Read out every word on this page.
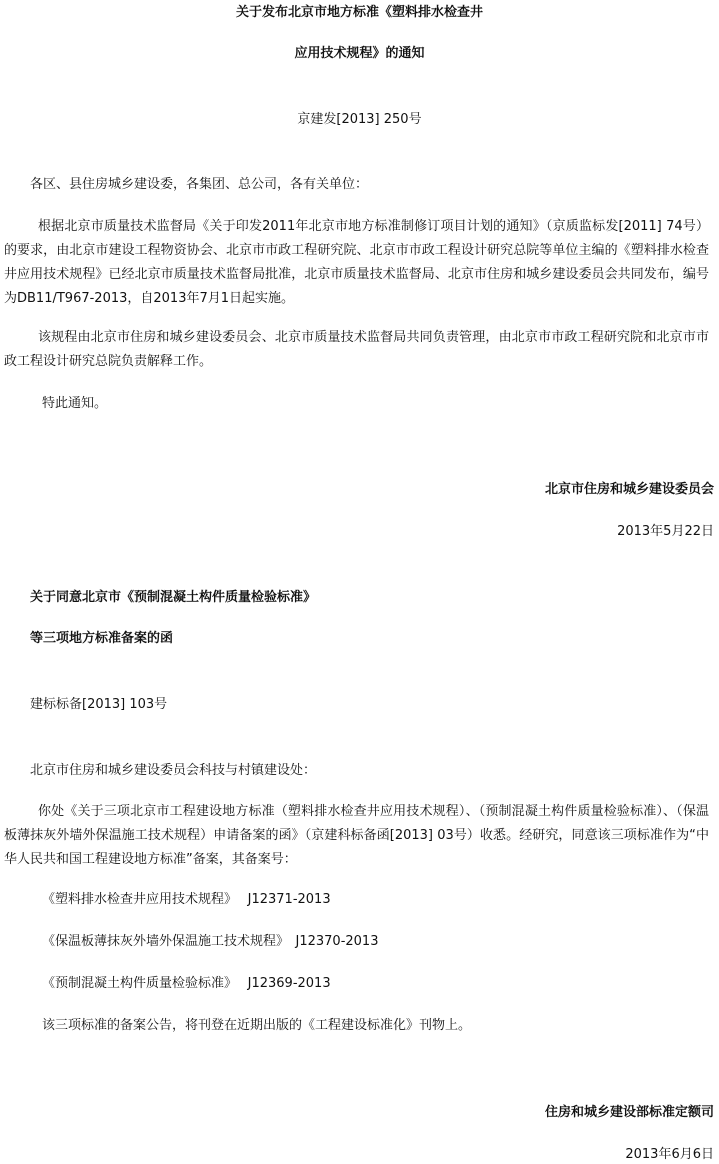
关于发布北京市地方标准《塑料排水检查井
应用技术规程》的通知
京建发[2013] 250号
各区、县住房城乡建设委，各集团、总公司，各有关单位：
根据北京市质量技术监督局《关于印发2011年北京市地方标准制修订项目计划的通知》（京质监标发[2011] 74号）的要求，由北京市建设工程物资协会、北京市市政工程研究院、北京市市政工程设计研究总院等单位主编的《塑料排水检查井应用技术规程》已经北京市质量技术监督局批准，北京市质量技术监督局、北京市住房和城乡建设委员会共同发布，编号为DB11/T967-2013，自2013年7月1日起实施。
该规程由北京市住房和城乡建设委员会、北京市质量技术监督局共同负责管理，由北京市市政工程研究院和北京市市政工程设计研究总院负责解释工作。
特此通知。
北京市住房和城乡建设委员会
2013年5月22日
关于同意北京市《预制混凝土构件质量检验标准》
等三项地方标准备案的函
建标标备[2013] 103号
北京市住房和城乡建设委员会科技与村镇建设处：
你处《关于三项北京市工程建设地方标准（塑料排水检查井应用技术规程）、（预制混凝土构件质量检验标准）、（保温板薄抹灰外墙外保温施工技术规程）申请备案的函》（京建科标备函[2013] 03号）收悉。经研究，同意该三项标准作为“中华人民共和国工程建设地方标准”备案，其备案号：
《塑料排水检查井应用技术规程》　 J12371-2013
《保温板薄抹灰外墙外保温施工技术规程》　J12370-2013
《预制混凝土构件质量检验标准》　 J12369-2013
该三项标准的备案公告，将刊登在近期出版的《工程建设标准化》刊物上。
住房和城乡建设部标准定额司
2013年6月6日
